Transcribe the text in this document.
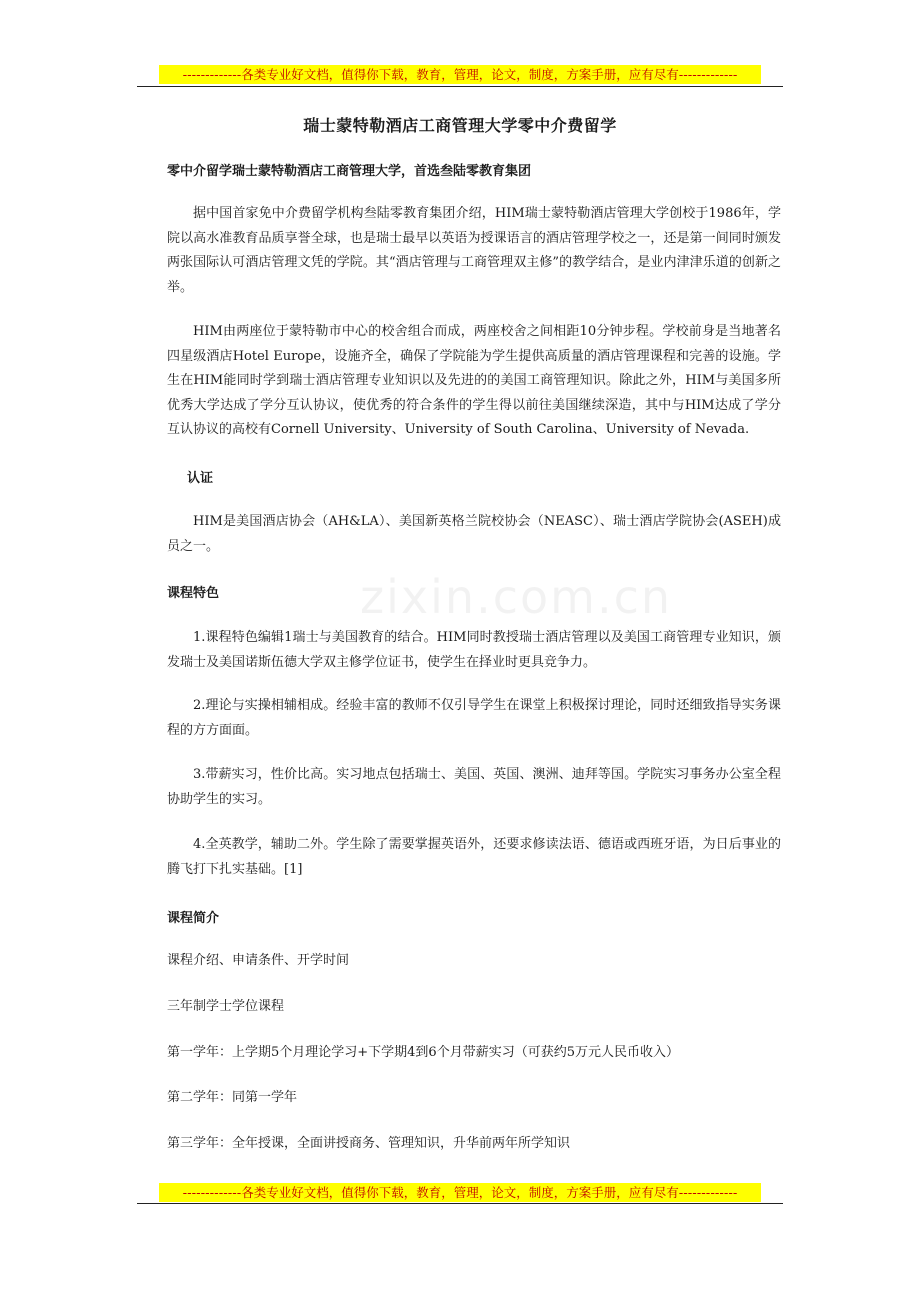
-------------各类专业好文档，值得你下载，教育，管理，论文，制度，方案手册，应有尽有-------------
zixin.com.cn
瑞士蒙特勒酒店工商管理大学零中介费留学
零中介留学瑞士蒙特勒酒店工商管理大学，首选叁陆零教育集团
据中国首家免中介费留学机构叁陆零教育集团介绍，HIM瑞士蒙特勒酒店管理大学创校于1986年，学院以高水准教育品质享誉全球，也是瑞士最早以英语为授课语言的酒店管理学校之一，还是第一间同时颁发两张国际认可酒店管理文凭的学院。其“酒店管理与工商管理双主修”的教学结合，是业内津津乐道的创新之举。
HIM由两座位于蒙特勒市中心的校舍组合而成，两座校舍之间相距10分钟步程。学校前身是当地著名四星级酒店Hotel Europe，设施齐全，确保了学院能为学生提供高质量的酒店管理课程和完善的设施。学生在HIM能同时学到瑞士酒店管理专业知识以及先进的的美国工商管理知识。除此之外，HIM与美国多所优秀大学达成了学分互认协议，使优秀的符合条件的学生得以前往美国继续深造，其中与HIM达成了学分互认协议的高校有Cornell University、University of South Carolina、University of Nevada.
认证
HIM是美国酒店协会（AH&LA）、美国新英格兰院校协会（NEASC）、瑞士酒店学院协会(ASEH)成员之一。
课程特色
1.课程特色编辑1瑞士与美国教育的结合。HIM同时教授瑞士酒店管理以及美国工商管理专业知识，颁发瑞士及美国诺斯伍德大学双主修学位证书，使学生在择业时更具竞争力。
2.理论与实操相辅相成。经验丰富的教师不仅引导学生在课堂上积极探讨理论，同时还细致指导实务课程的方方面面。
3.带薪实习，性价比高。实习地点包括瑞士、美国、英国、澳洲、迪拜等国。学院实习事务办公室全程协助学生的实习。
4.全英教学，辅助二外。学生除了需要掌握英语外，还要求修读法语、德语或西班牙语，为日后事业的腾飞打下扎实基础。[1]
课程简介
课程介绍、申请条件、开学时间
三年制学士学位课程
第一学年：上学期5个月理论学习+下学期4到6个月带薪实习（可获约5万元人民币收入）
第二学年：同第一学年
第三学年：全年授课，全面讲授商务、管理知识，升华前两年所学知识
-------------各类专业好文档，值得你下载，教育，管理，论文，制度，方案手册，应有尽有-------------
